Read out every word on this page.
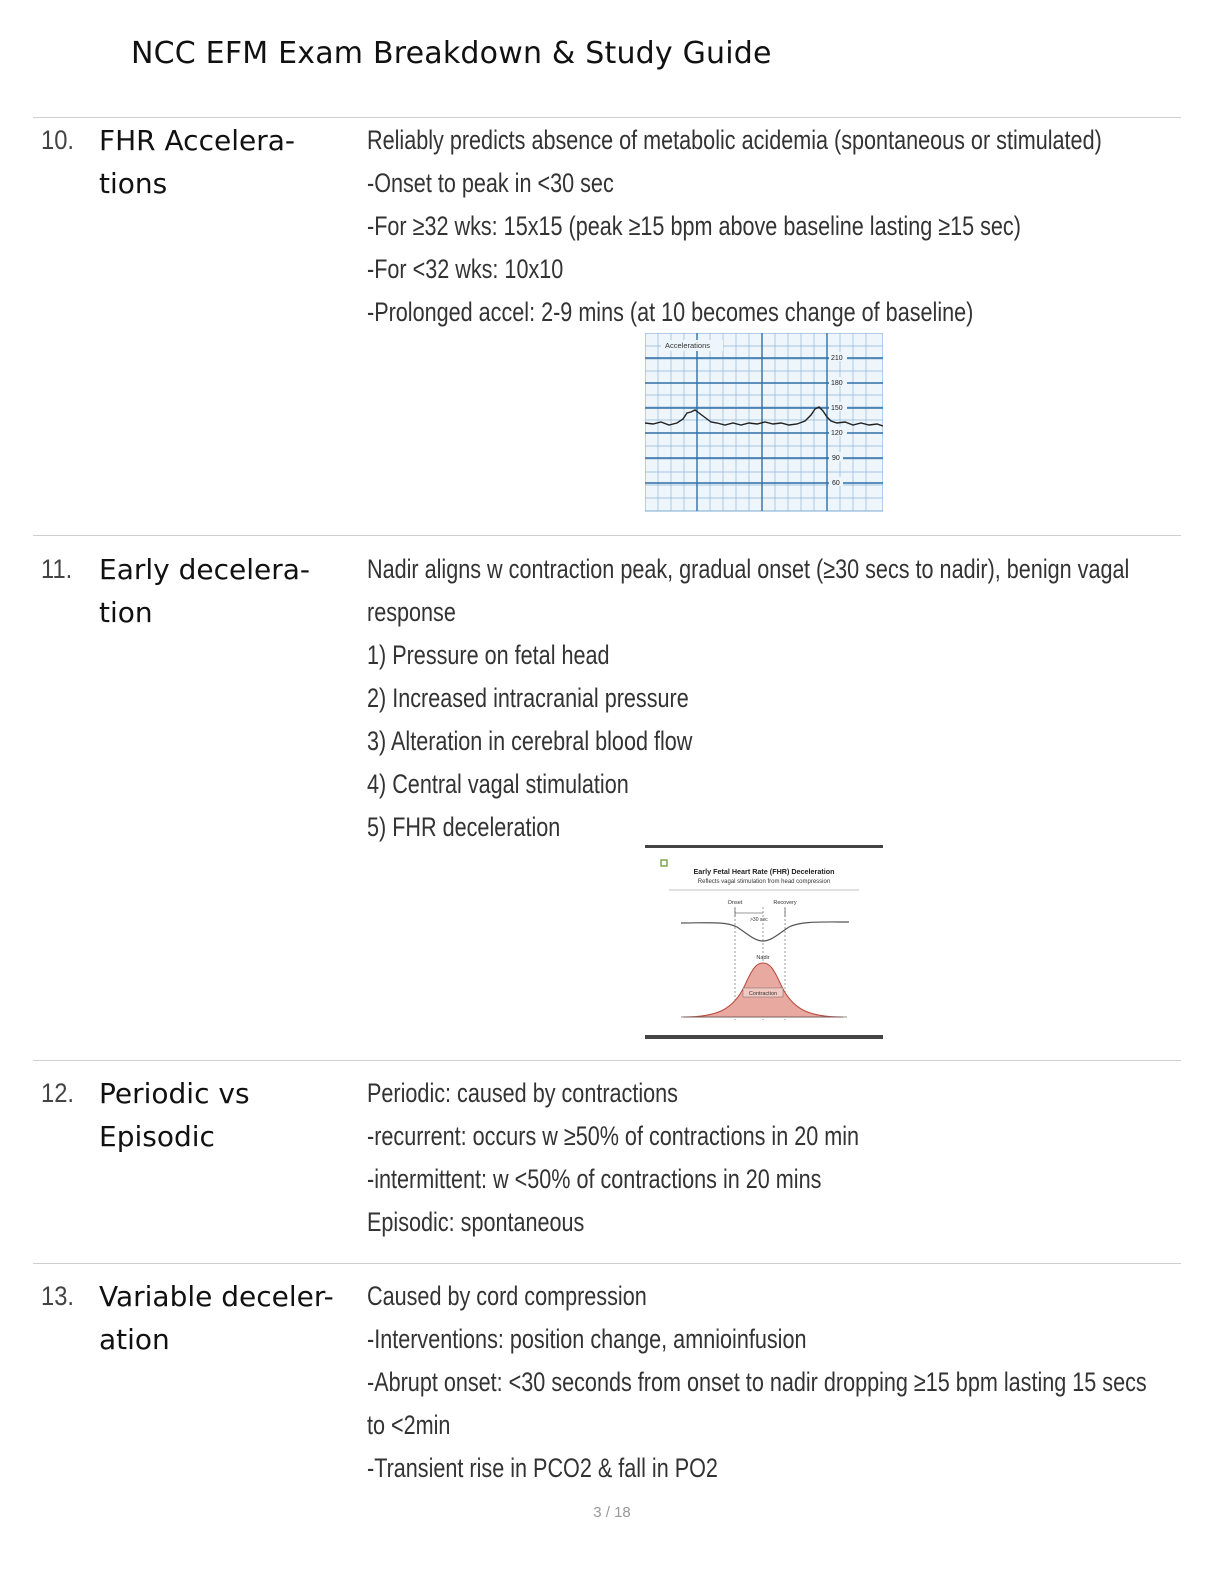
NCC EFM Exam Breakdown & Study Guide
10. FHR Accelera-
tions
Reliably predicts absence of metabolic acidemia (spontaneous or stimulated)
-Onset to peak in <30 sec
-For ≥32 wks: 15x15 (peak ≥15 bpm above baseline lasting ≥15 sec)
-For <32 wks: 10x10
-Prolonged accel: 2-9 mins (at 10 becomes change of baseline)
Accelerations
210
180
150
120
90
60
11. Early decelera-
tion
Nadir aligns w contraction peak, gradual onset (≥30 secs to nadir), benign vagal
response
1) Pressure on fetal head
2) Increased intracranial pressure
3) Alteration in cerebral blood flow
4) Central vagal stimulation
5) FHR deceleration
Early Fetal Heart Rate (FHR) Deceleration
Reflects vagal stimulation from head compression
Onset	Recovery
>30 sec
Nadir
Contraction
12. Periodic vs
Episodic
Periodic: caused by contractions
-recurrent: occurs w ≥50% of contractions in 20 min
-intermittent: w <50% of contractions in 20 mins
Episodic: spontaneous
13. Variable deceler-
ation
Caused by cord compression
-Interventions: position change, amnioinfusion
-Abrupt onset: <30 seconds from onset to nadir dropping ≥15 bpm lasting 15 secs
to <2min
-Transient rise in PCO2 & fall in PO2
3 / 18
